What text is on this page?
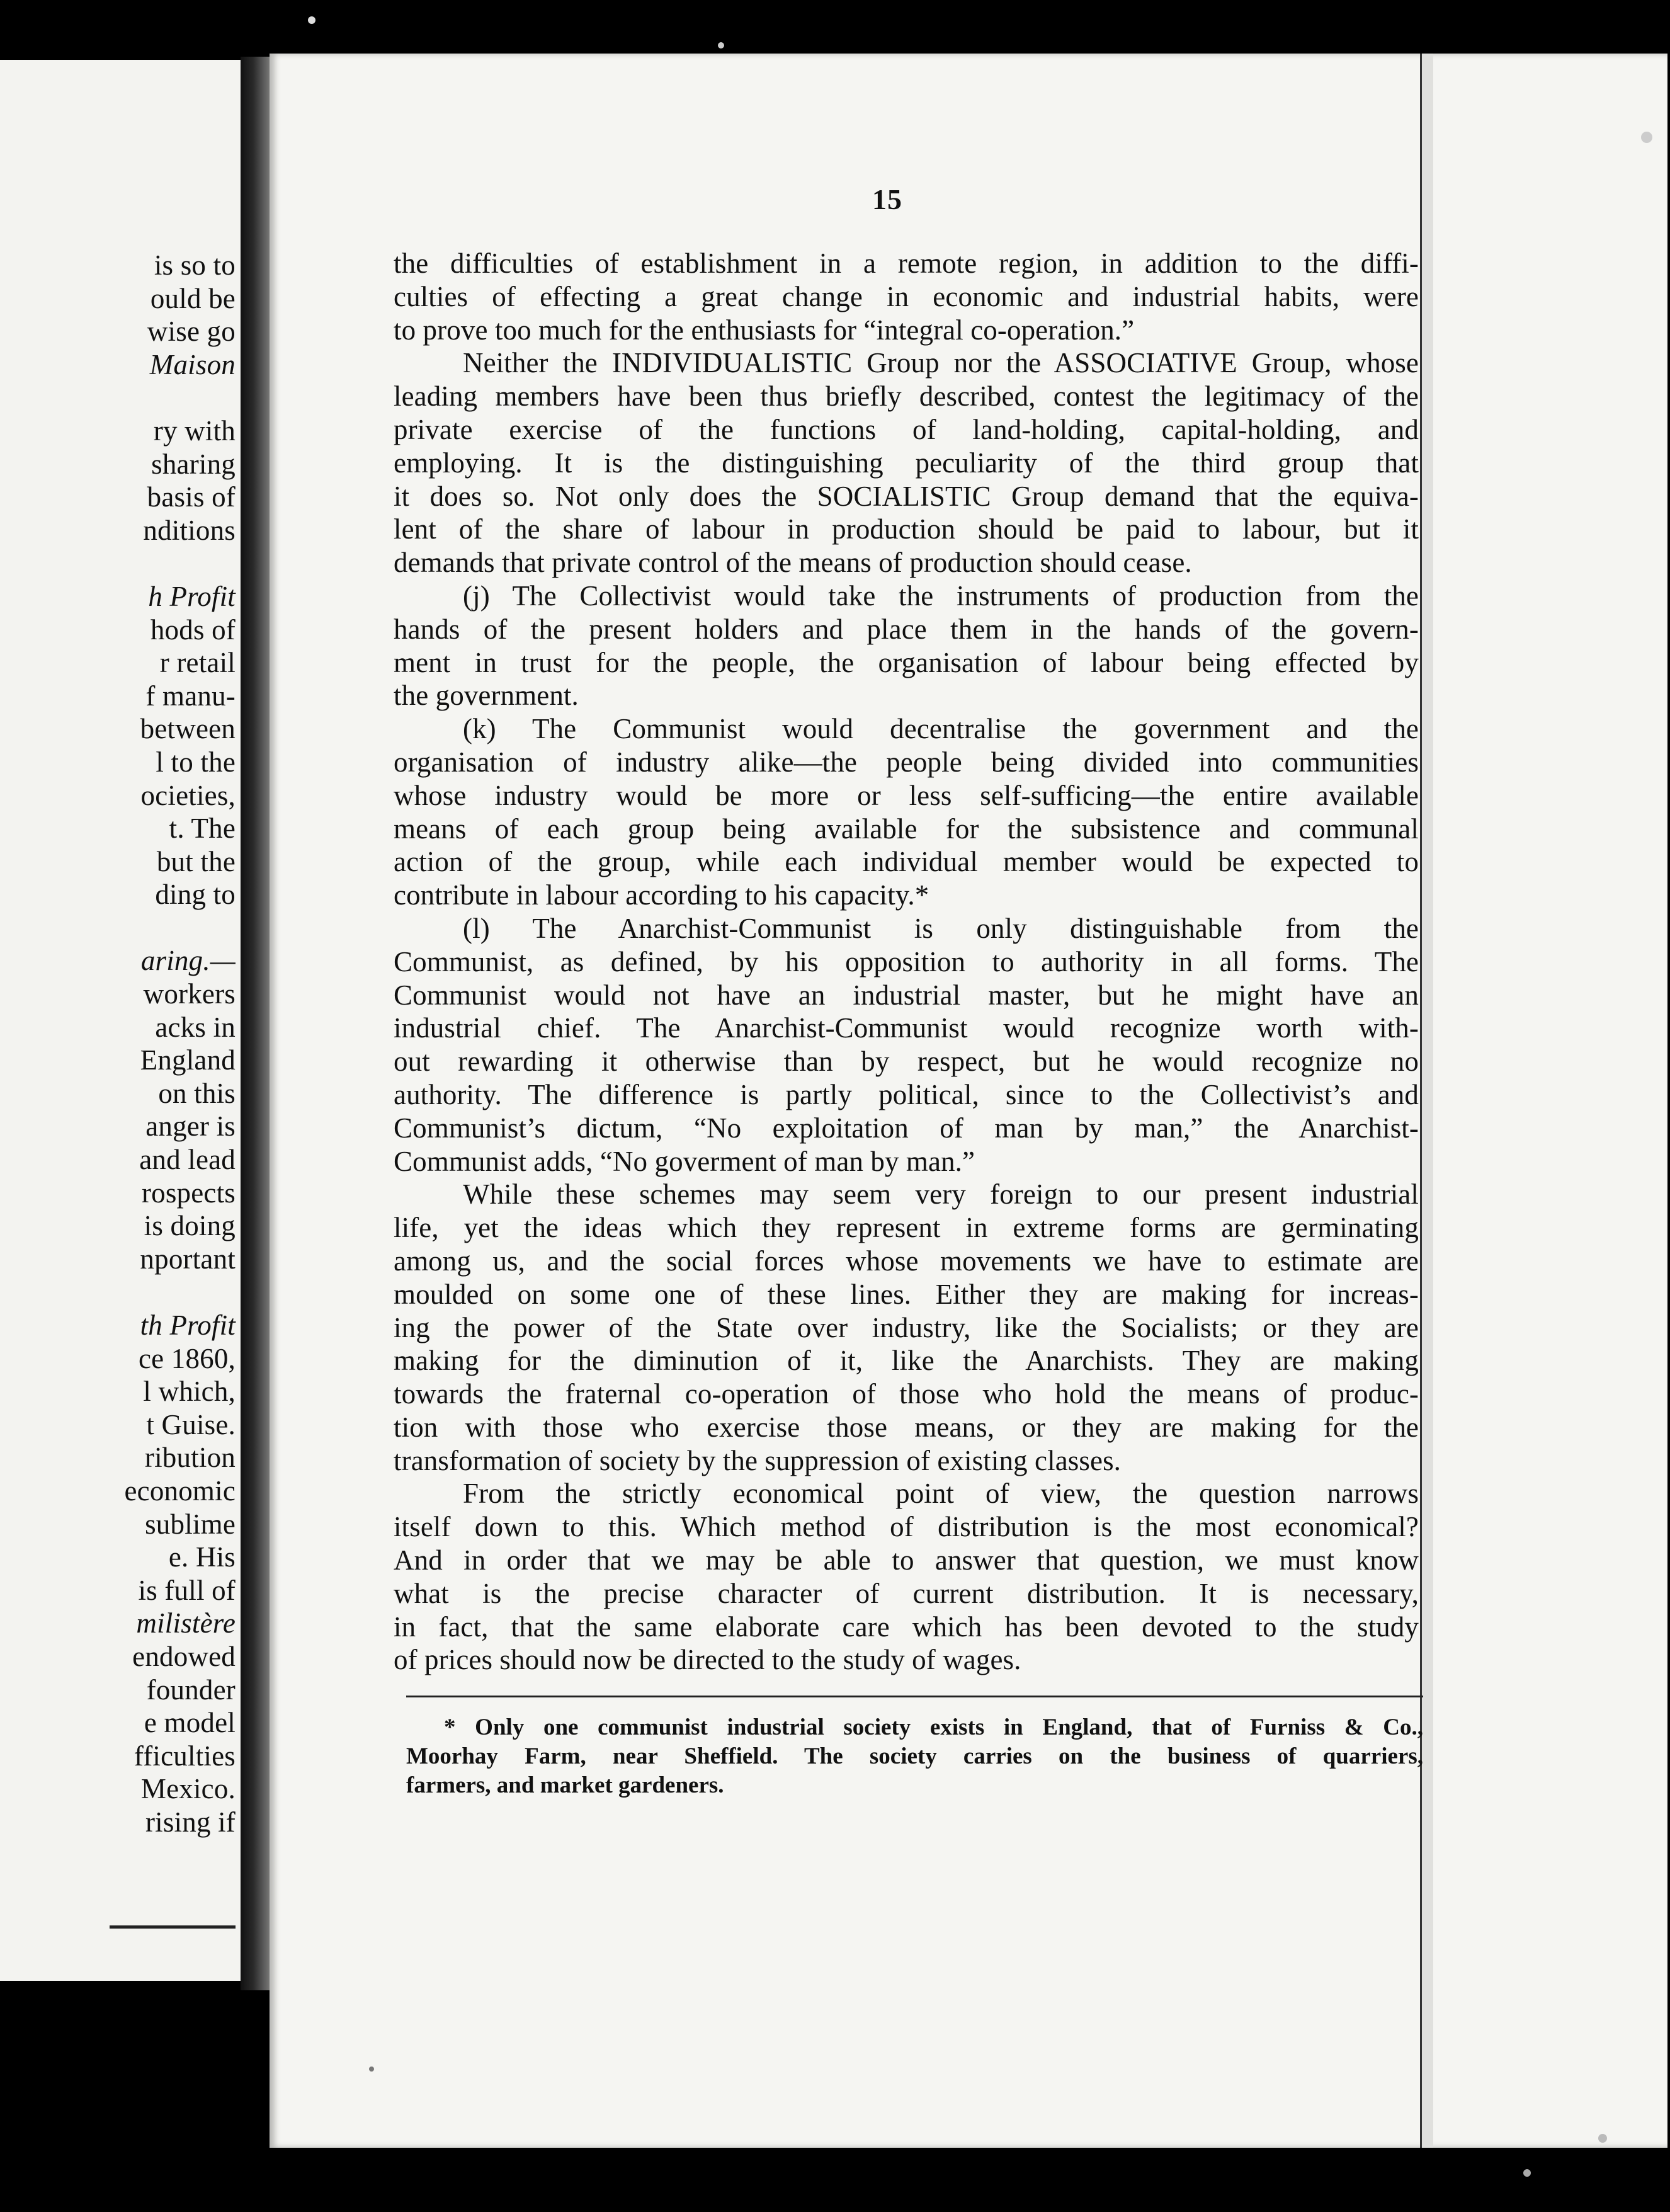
is so to
ould be
wise go
Maison

ry with
sharing
basis of
nditions

h Profit
hods of
r retail
f manu-
between
l to the
ocieties,
t. The
but the
ding to

aring.—
workers
acks in
England
on this
anger is
and lead
rospects
is doing
nportant

th Profit
ce 1860,
l which,
t Guise.
ribution
economic
sublime
e. His
is full of
milistère
endowed
founder
e model
fficulties
Mexico.
rising if
15
the difficulties of establishment in a remote region, in addition to the diffi-
culties of effecting a great change in economic and industrial habits, were
to prove too much for the enthusiasts for “integral co-operation.”
Neither the INDIVIDUALISTIC Group nor the ASSOCIATIVE Group, whose
leading members have been thus briefly described, contest the legitimacy of the
private exercise of the functions of land-holding, capital-holding, and
employing. It is the distinguishing peculiarity of the third group that
it does so. Not only does the SOCIALISTIC Group demand that the equiva-
lent of the share of labour in production should be paid to labour, but it
demands that private control of the means of production should cease.
(j) The Collectivist would take the instruments of production from the
hands of the present holders and place them in the hands of the govern-
ment in trust for the people, the organisation of labour being effected by
the government.
(k) The Communist would decentralise the government and the
organisation of industry alike—the people being divided into communities
whose industry would be more or less self-sufficing—the entire available
means of each group being available for the subsistence and communal
action of the group, while each individual member would be expected to
contribute in labour according to his capacity.*
(l) The Anarchist-Communist is only distinguishable from the
Communist, as defined, by his opposition to authority in all forms. The
Communist would not have an industrial master, but he might have an
industrial chief. The Anarchist-Communist would recognize worth with-
out rewarding it otherwise than by respect, but he would recognize no
authority. The difference is partly political, since to the Collectivist’s and
Communist’s dictum, “No exploitation of man by man,” the Anarchist-
Communist adds, “No goverment of man by man.”
While these schemes may seem very foreign to our present industrial
life, yet the ideas which they represent in extreme forms are germinating
among us, and the social forces whose movements we have to estimate are
moulded on some one of these lines. Either they are making for increas-
ing the power of the State over industry, like the Socialists; or they are
making for the diminution of it, like the Anarchists. They are making
towards the fraternal co-operation of those who hold the means of produc-
tion with those who exercise those means, or they are making for the
transformation of society by the suppression of existing classes.
From the strictly economical point of view, the question narrows
itself down to this. Which method of distribution is the most economical?
And in order that we may be able to answer that question, we must know
what is the precise character of current distribution. It is necessary,
in fact, that the same elaborate care which has been devoted to the study
of prices should now be directed to the study of wages.
* Only one communist industrial society exists in England, that of Furniss & Co.,
Moorhay Farm, near Sheffield. The society carries on the business of quarriers,
farmers, and market gardeners.
